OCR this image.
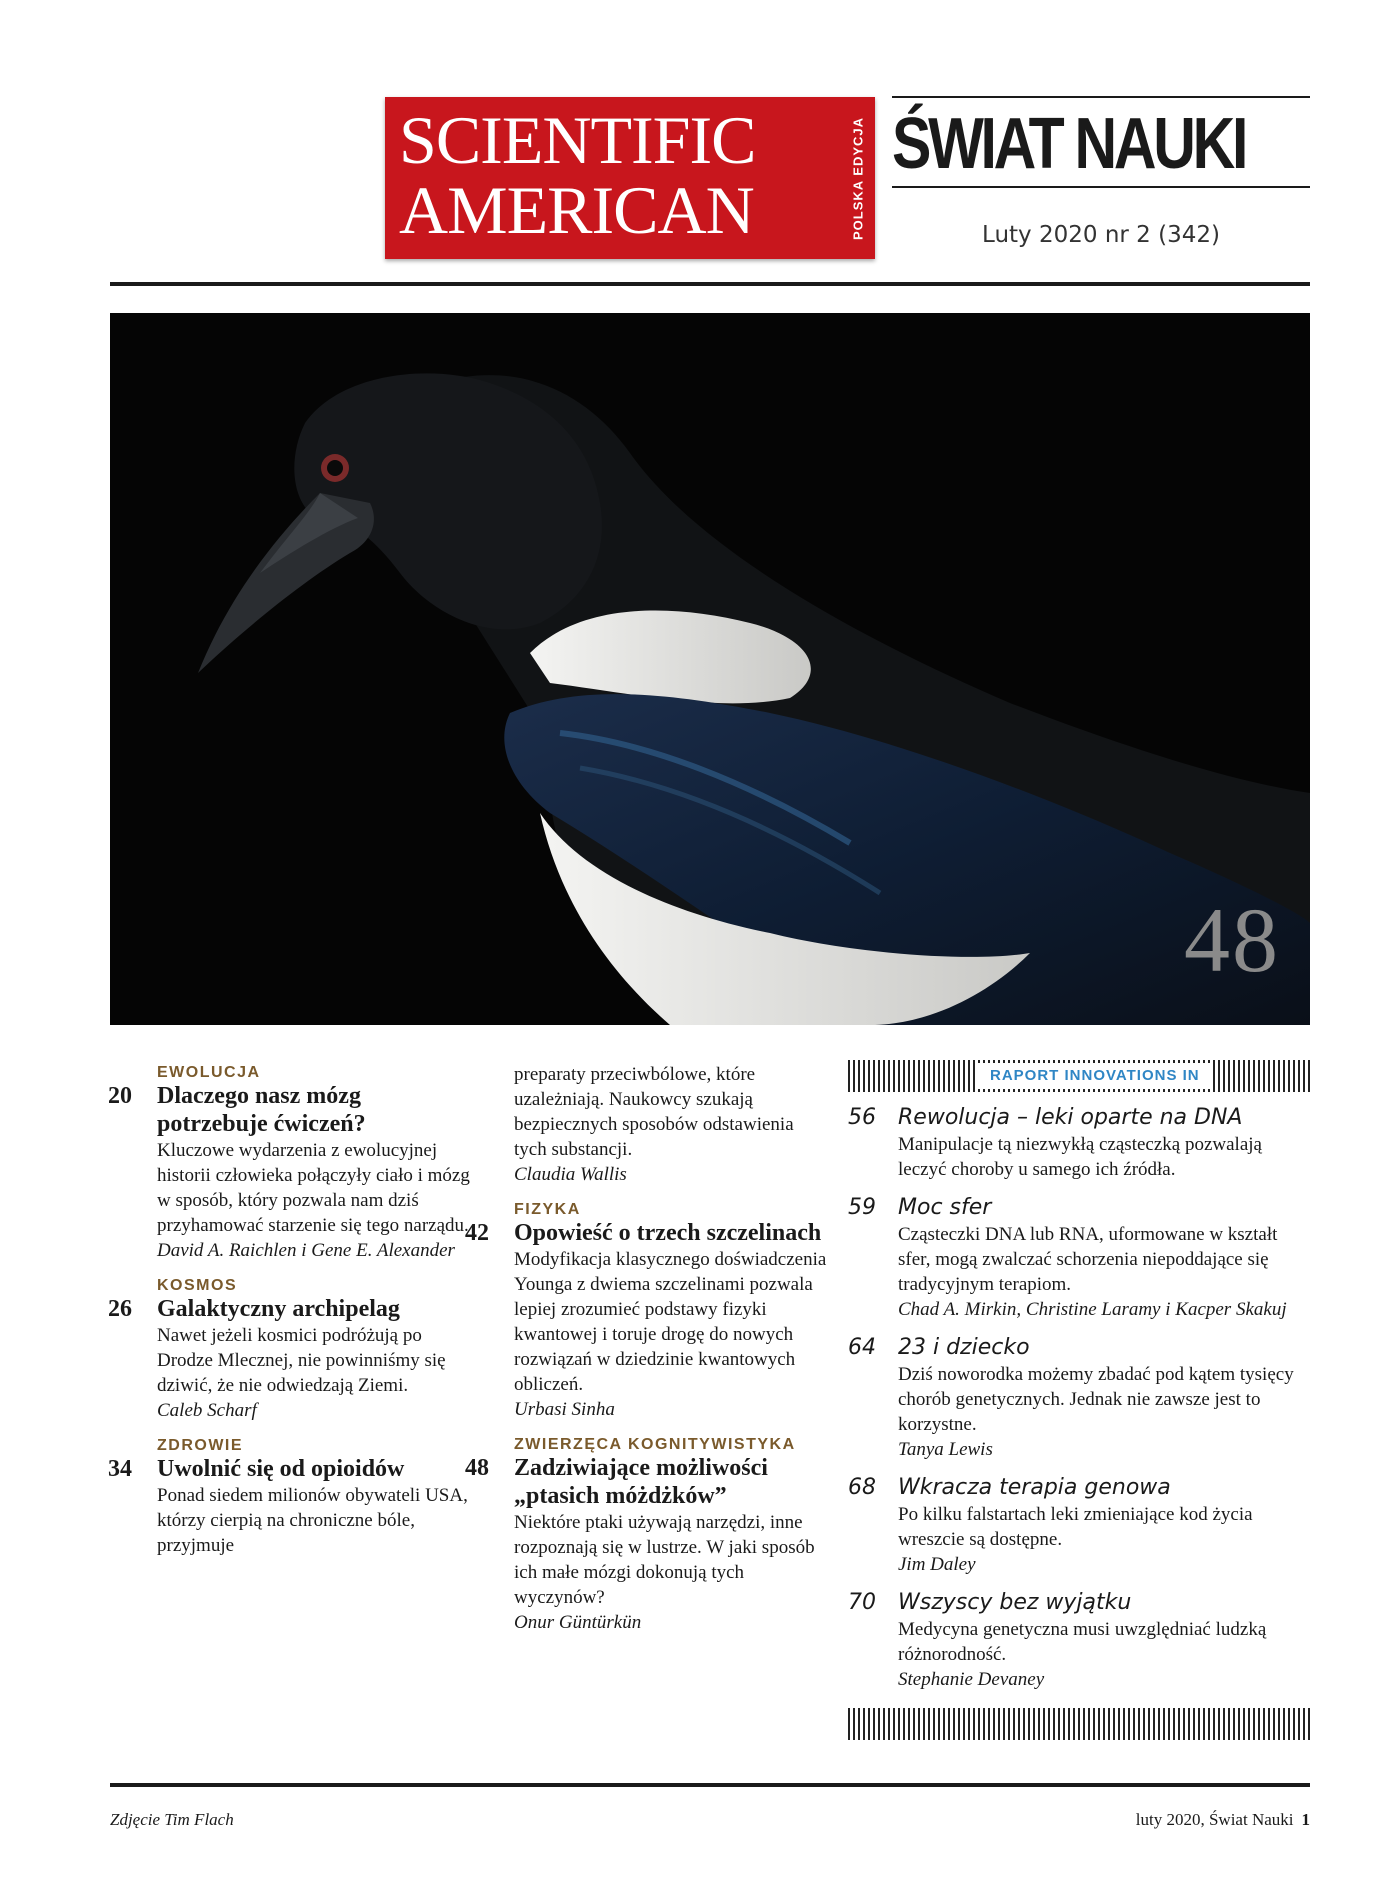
SCIENTIFIC
AMERICAN	POLSKA EDYCJA ŚWIAT NAUKI
Luty 2020 nr 2 (342)
48
EWOLUCJA
20	Dlaczego nasz mózg potrzebuje ćwiczeń?
Kluczowe wydarzenia z ewolucyjnej historii człowieka połączyły ciało i mózg w sposób, który pozwala nam dziś przyhamować starzenie się tego narządu.
David A. Raichlen i Gene E. Alexander
KOSMOS
26	Galaktyczny archipelag
Nawet jeżeli kosmici podróżują po Drodze Mlecznej, nie powinniśmy się dziwić, że nie odwiedzają Ziemi.
Caleb Scharf
ZDROWIE
34	Uwolnić się od opioidów
Ponad siedem milionów obywateli USA, którzy cierpią na chroniczne bóle, przyjmuje
preparaty przeciwbólowe, które uzależniają. Naukowcy szukają bezpiecznych sposobów odstawienia tych substancji.
Claudia Wallis
FIZYKA
42	Opowieść o trzech szczelinach
Modyfikacja klasycznego doświadczenia Younga z dwiema szczelinami pozwala lepiej zrozumieć podstawy fizyki kwantowej i toruje drogę do nowych rozwiązań w dziedzinie kwantowych obliczeń.
Urbasi Sinha
ZWIERZĘCA KOGNITYWISTYKA
48	Zadziwiające możliwości „ptasich móżdżków”
Niektóre ptaki używają narzędzi, inne rozpoznają się w lustrze. W jaki sposób ich małe mózgi dokonują tych wyczynów?
Onur Güntürkün
RAPORT INNOVATIONS IN
56	Rewolucja – leki oparte na DNA
Manipulacje tą niezwykłą cząsteczką pozwalają leczyć choroby u samego ich źródła.
59	Moc sfer
Cząsteczki DNA lub RNA, uformowane w kształt sfer, mogą zwalczać schorzenia niepoddające się tradycyjnym terapiom.
Chad A. Mirkin, Christine Laramy i Kacper Skakuj
64	23 i dziecko
Dziś noworodka możemy zbadać pod kątem tysięcy chorób genetycznych. Jednak nie zawsze jest to korzystne.
Tanya Lewis
68	Wkracza terapia genowa
Po kilku falstartach leki zmieniające kod życia wreszcie są dostępne.
Jim Daley
70	Wszyscy bez wyjątku
Medycyna genetyczna musi uwzględniać ludzką różnorodność.
Stephanie Devaney
Zdjęcie Tim Flach	luty 2020, Świat Nauki 1
